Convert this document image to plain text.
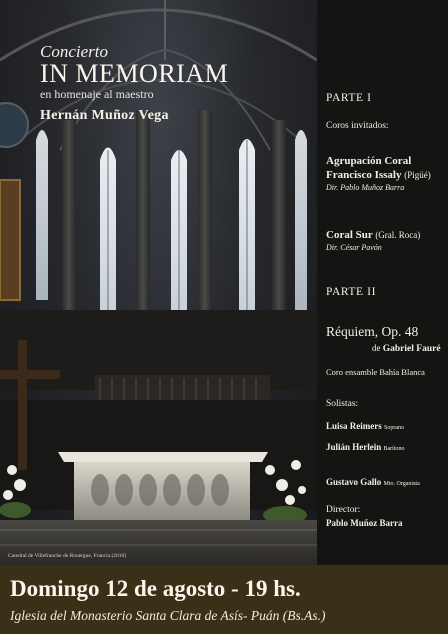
Concierto
IN MEMORIAM
en homenaje al maestro
Hernán Muñoz Vega
Catedral de Villefranche de Rouergue, Francia (2016)
PARTE I
Coros invitados:
Agrupación Coral
Francisco Issaly (Pigüé)
Dir. Pablo Muñoz Barra
Coral Sur (Gral. Roca)
Dir. César Pavón
PARTE II
Réquiem, Op. 48
de Gabriel Fauré
Coro ensamble Bahía Blanca
Solistas:
Luisa Reimers Soprano
Julián Herlein Barítono
Gustavo Gallo Mto. Organista
Director:
Pablo Muñoz Barra
Domingo 12 de agosto - 19 hs.
Iglesia del Monasterio Santa Clara de Asís- Puán (Bs.As.)
